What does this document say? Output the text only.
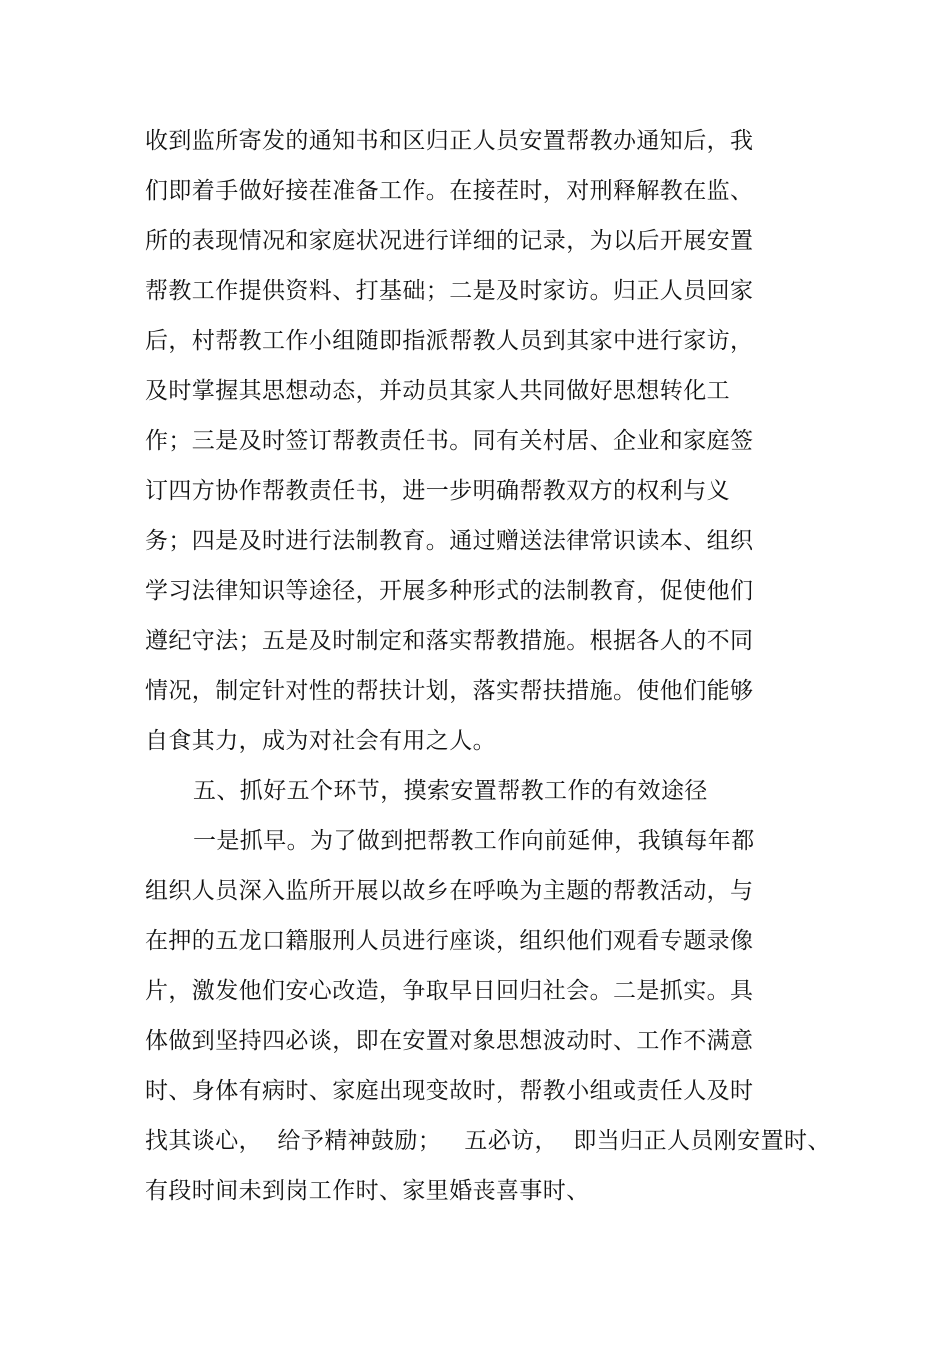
收到监所寄发的通知书和区归正人员安置帮教办通知后，我
们即着手做好接茬准备工作。在接茬时，对刑释解教在监、
所的表现情况和家庭状况进行详细的记录，为以后开展安置
帮教工作提供资料、打基础；二是及时家访。归正人员回家
后，村帮教工作小组随即指派帮教人员到其家中进行家访，
及时掌握其思想动态，并动员其家人共同做好思想转化工
作；三是及时签订帮教责任书。同有关村居、企业和家庭签
订四方协作帮教责任书，进一步明确帮教双方的权利与义
务；四是及时进行法制教育。通过赠送法律常识读本、组织
学习法律知识等途径，开展多种形式的法制教育，促使他们
遵纪守法；五是及时制定和落实帮教措施。根据各人的不同
情况，制定针对性的帮扶计划，落实帮扶措施。使他们能够
自食其力，成为对社会有用之人。
五、抓好五个环节，摸索安置帮教工作的有效途径
一是抓早。为了做到把帮教工作向前延伸，我镇每年都
组织人员深入监所开展以故乡在呼唤为主题的帮教活动，与
在押的五龙口籍服刑人员进行座谈，组织他们观看专题录像
片，激发他们安心改造，争取早日回归社会。二是抓实。具
体做到坚持四必谈，即在安置对象思想波动时、工作不满意
时、身体有病时、家庭出现变故时，帮教小组或责任人及时
找其谈心，  给予精神鼓励；   五必访，  即当归正人员刚安置时、
有段时间未到岗工作时、家里婚丧喜事时、
